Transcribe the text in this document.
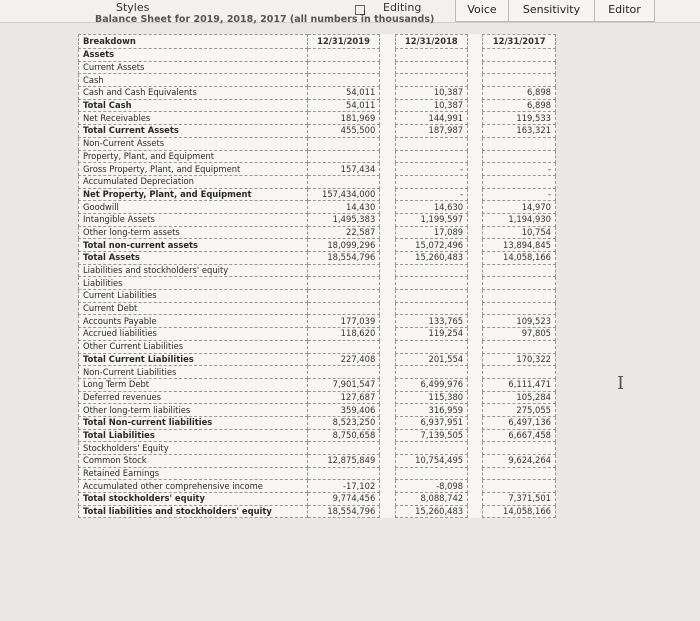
Styles	Editing	Voice	Sensitivity	Editor
Balance Sheet for 2019, 2018, 2017 (all numbers in thousands)
Breakdown	12/31/2019		12/31/2018		12/31/2017
Assets					
Current Assets					
Cash					
Cash and Cash Equivalents	54,011		10,387		6,898
Total Cash	54,011		10,387		6,898
Net Receivables	181,969		144,991		119,533
Total Current Assets	455,500		187,987		163,321
Non-Current Assets					
Property, Plant, and Equipment					
Gross Property, Plant, and Equipment	157,434		-		-
Accumulated Depreciation					
Net Property, Plant, and Equipment	157,434,000		-		-
Goodwill	14,430		14,630		14,970
Intangible Assets	1,495,383		1,199,597		1,194,930
Other long-term assets	22,587		17,089		10,754
Total non-current assets	18,099,296		15,072,496		13,894,845
Total Assets	18,554,796		15,260,483		14,058,166
Liabilities and stockholders' equity					
Liabilities					
Current Liabilities					
Current Debt					
Accounts Payable	177,039		133,765		109,523
Accrued liabilities	118,620		119,254		97,805
Other Current Liabilities					
Total Current Liabilities	227,408		201,554		170,322
Non-Current Liabilities					
Long Term Debt	7,901,547		6,499,976		6,111,471
Deferred revenues	127,687		115,380		105,284
Other long-term liabilities	359,406		316,959		275,055
Total Non-current liabilities	8,523,250		6,937,951		6,497,136
Total Liabilities	8,750,658		7,139,505		6,667,458
Stockholders' Equity					
Common Stock	12,875,849		10,754,495		9,624,264
Retained Earnings					
Accumulated other comprehensive income	-17,102		-8,098		
Total stockholders' equity	9,774,456		8,088,742		7,371,501
Total liabilities and stockholders' equity	18,554,796		15,260,483		14,058,166
I
